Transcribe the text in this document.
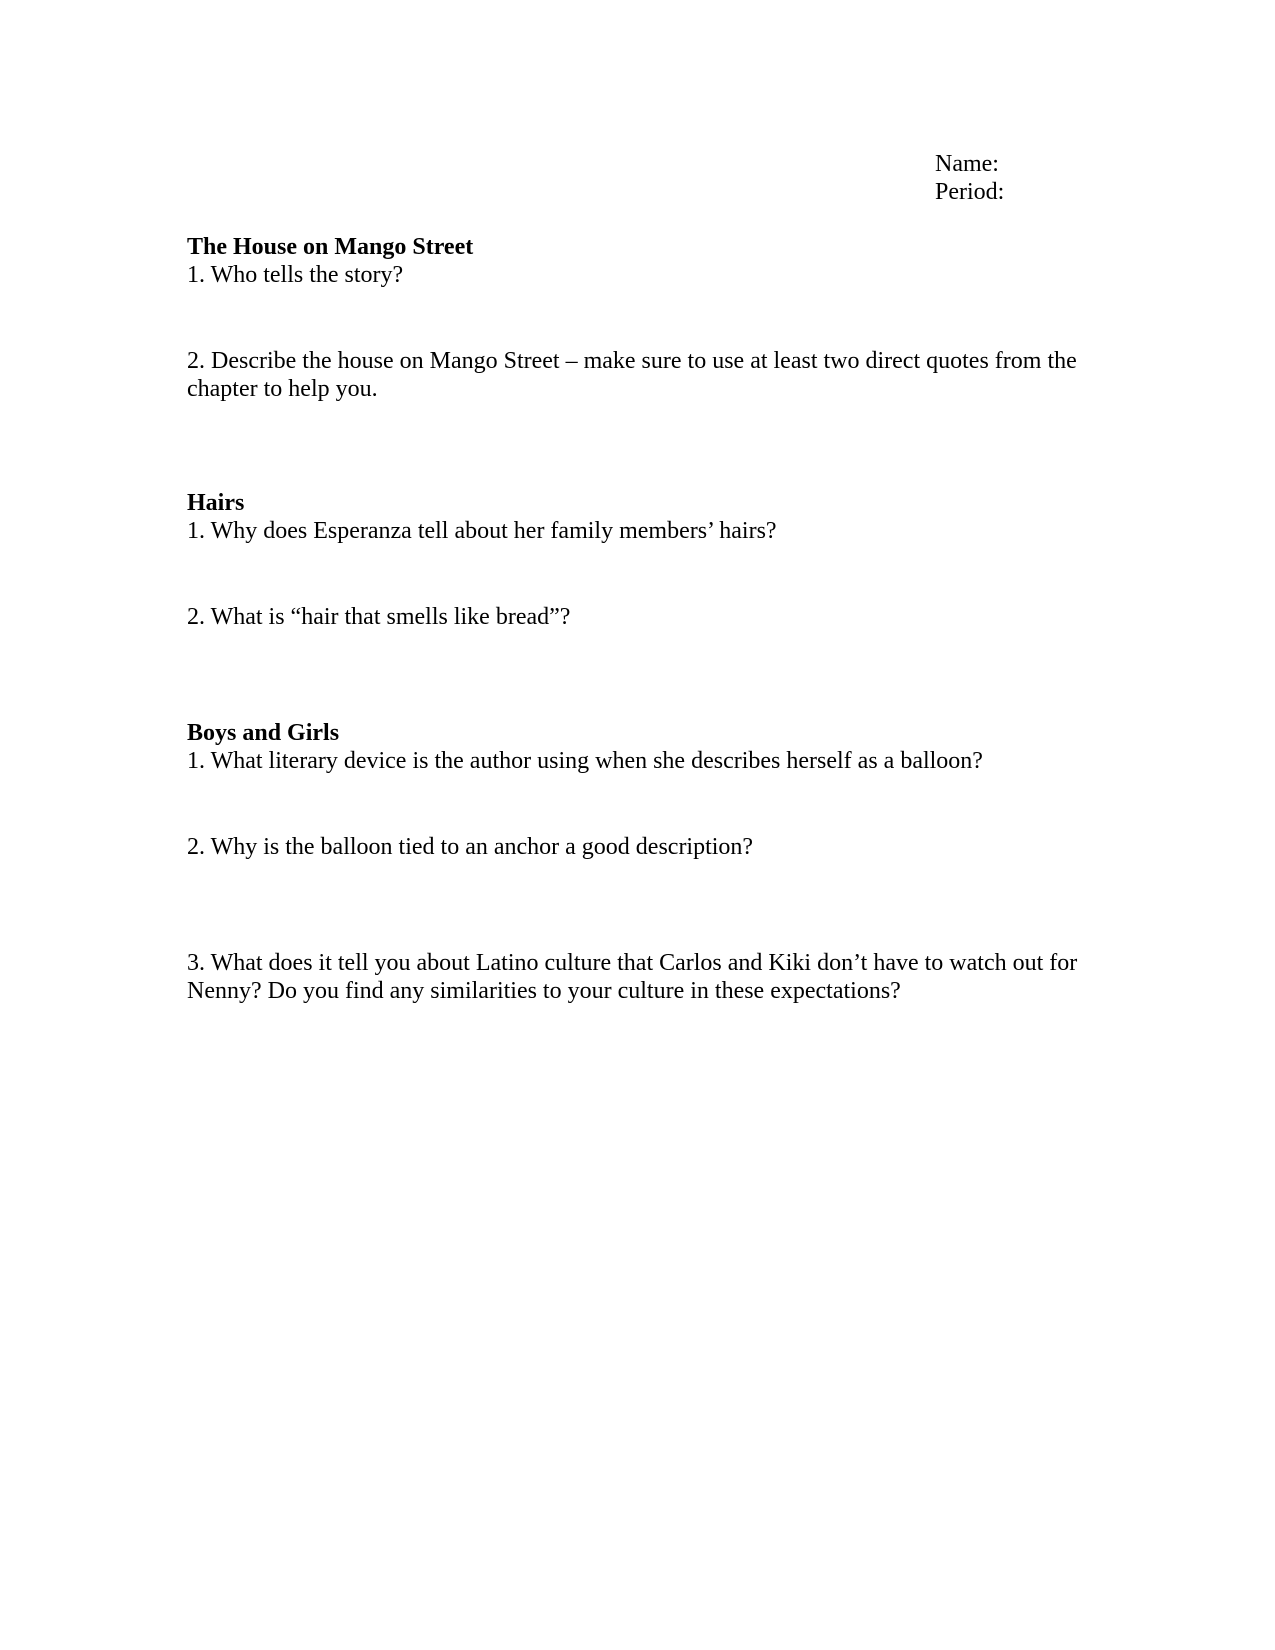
Name:
Period:

The House on Mango Street

1. Who tells the story?

2. Describe the house on Mango Street – make sure to use at least two direct quotes from the chapter to help you.

Hairs

1. Why does Esperanza tell about her family members’ hairs?

2. What is “hair that smells like bread”?

Boys and Girls

1. What literary device is the author using when she describes herself as a balloon?

2. Why is the balloon tied to an anchor a good description?

3. What does it tell you about Latino culture that Carlos and Kiki don’t have to watch out for Nenny? Do you find any similarities to your culture in these expectations?
